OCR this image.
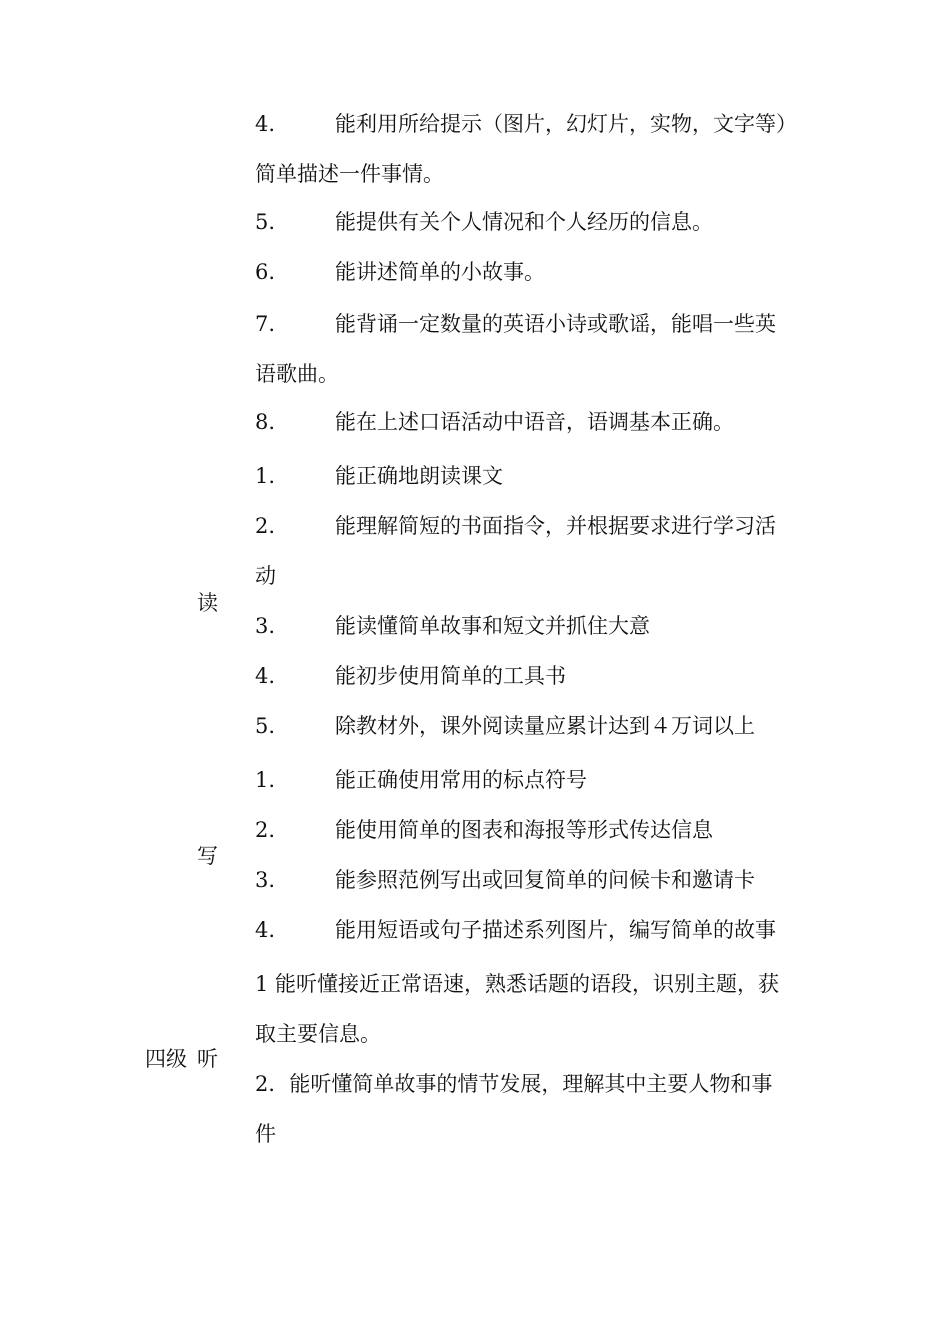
4.	能利用所给提示（图片，幻灯片，实物，文字等）
简单描述一件事情。
5.	能提供有关个人情况和个人经历的信息。
6.	能讲述简单的小故事。
7.	能背诵一定数量的英语小诗或歌谣，能唱一些英
语歌曲。
8.	能在上述口语活动中语音，语调基本正确。
读
1.	能正确地朗读课文
2.	能理解简短的书面指令，并根据要求进行学习活
动
3.	能读懂简单故事和短文并抓住大意
4.	能初步使用简单的工具书
5.	除教材外，课外阅读量应累计达到４万词以上
写
1.	能正确使用常用的标点符号
2.	能使用简单的图表和海报等形式传达信息
3.	能参照范例写出或回复简单的问候卡和邀请卡
4.	能用短语或句子描述系列图片，编写简单的故事
四级 听
1 能听懂接近正常语速，熟悉话题的语段，识别主题，获
取主要信息。
2．能听懂简单故事的情节发展，理解其中主要人物和事
件
